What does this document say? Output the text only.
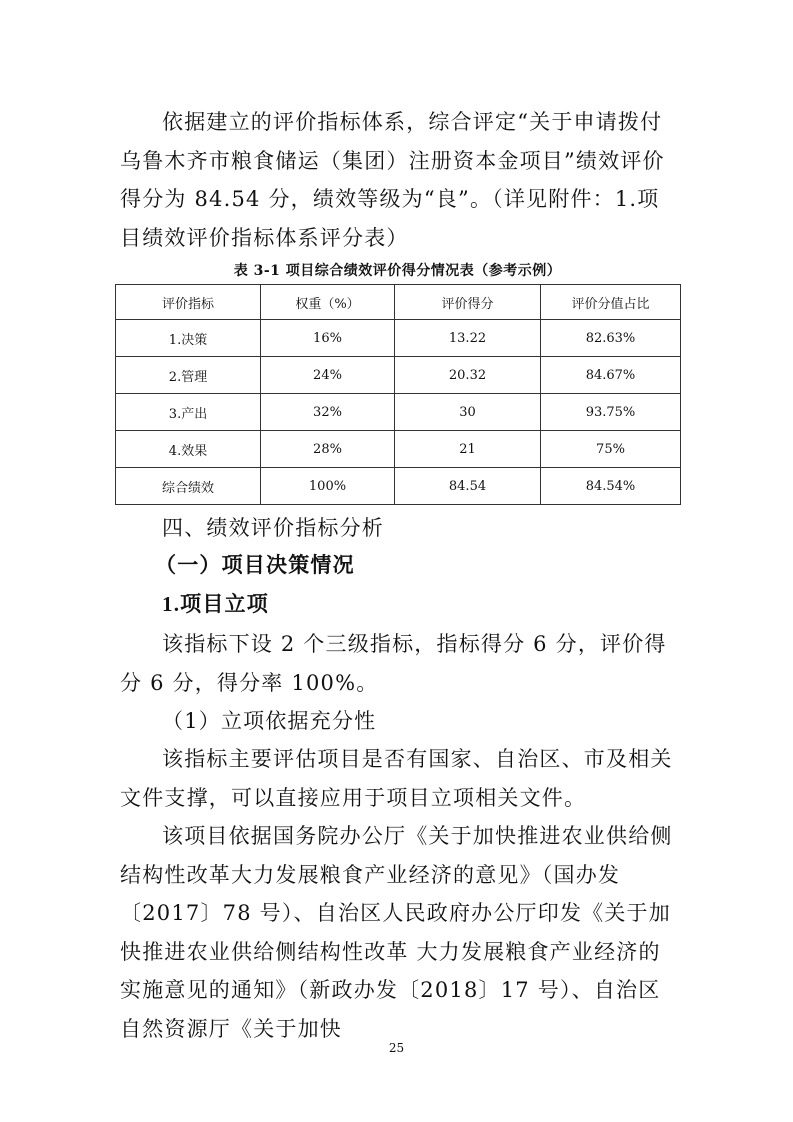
依据建立的评价指标体系，综合评定“关于申请拨付乌鲁木齐市粮食储运（集团）注册资本金项目”绩效评价得分为 84.54 分，绩效等级为“良”。（详见附件：1.项目绩效评价指标体系评分表）

表 3-1 项目综合绩效评价得分情况表（参考示例）
评价指标	权重（%）	评价得分	评价分值占比
1.决策	16%	13.22	82.63%
2.管理	24%	20.32	84.67%
3.产出	32%	30	93.75%
4.效果	28%	21	75%
综合绩效	100%	84.54	84.54%

四、绩效评价指标分析

（一）项目决策情况

1.项目立项

该指标下设 2 个三级指标，指标得分 6 分，评价得分 6 分，得分率 100%。

（1）立项依据充分性

该指标主要评估项目是否有国家、自治区、市及相关文件支撑，可以直接应用于项目立项相关文件。

该项目依据国务院办公厅《关于加快推进农业供给侧结构性改革大力发展粮食产业经济的意见》（国办发〔2017〕78 号）、自治区人民政府办公厅印发《关于加快推进农业供给侧结构性改革 大力发展粮食产业经济的实施意见的通知》（新政办发〔2018〕17 号）、自治区自然资源厅《关于加快

25
